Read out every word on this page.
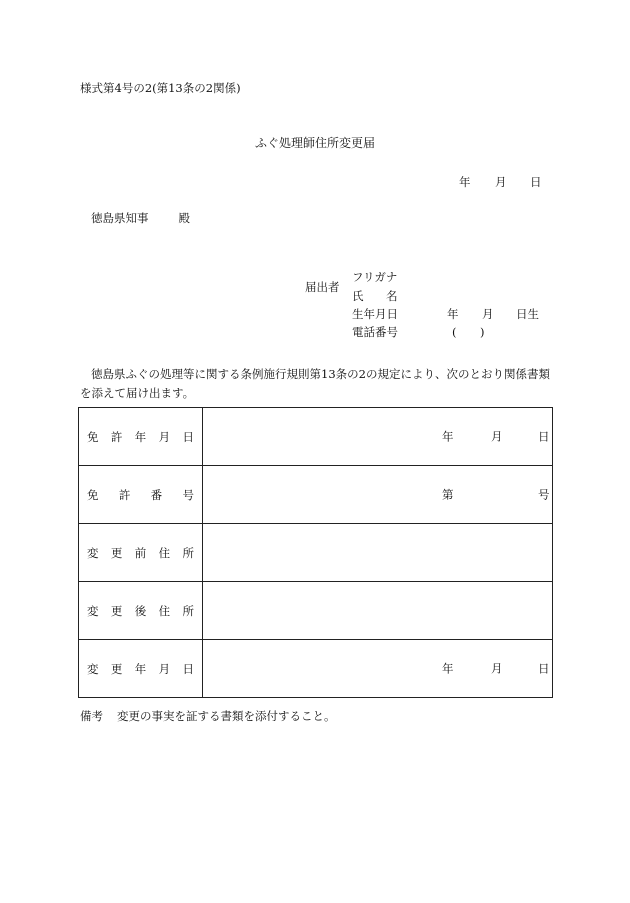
様式第4号の2(第13条の2関係)
ふぐ処理師住所変更届
年 月 日
徳島県知事	殿
届出者
フリガナ
氏 名
生年月日	年 月 日生
電話番号	( )
徳島県ふぐの処理等に関する条例施行規則第13条の2の規定により、次のとおり関係書類を添えて届け出ます。
免 許 年 月 日	年 月 日

免 許 番 号	第 号

変 更 前 住 所	

変 更 後 住 所	

変 更 年 月 日	年 月 日
備考 変更の事実を証する書類を添付すること。
